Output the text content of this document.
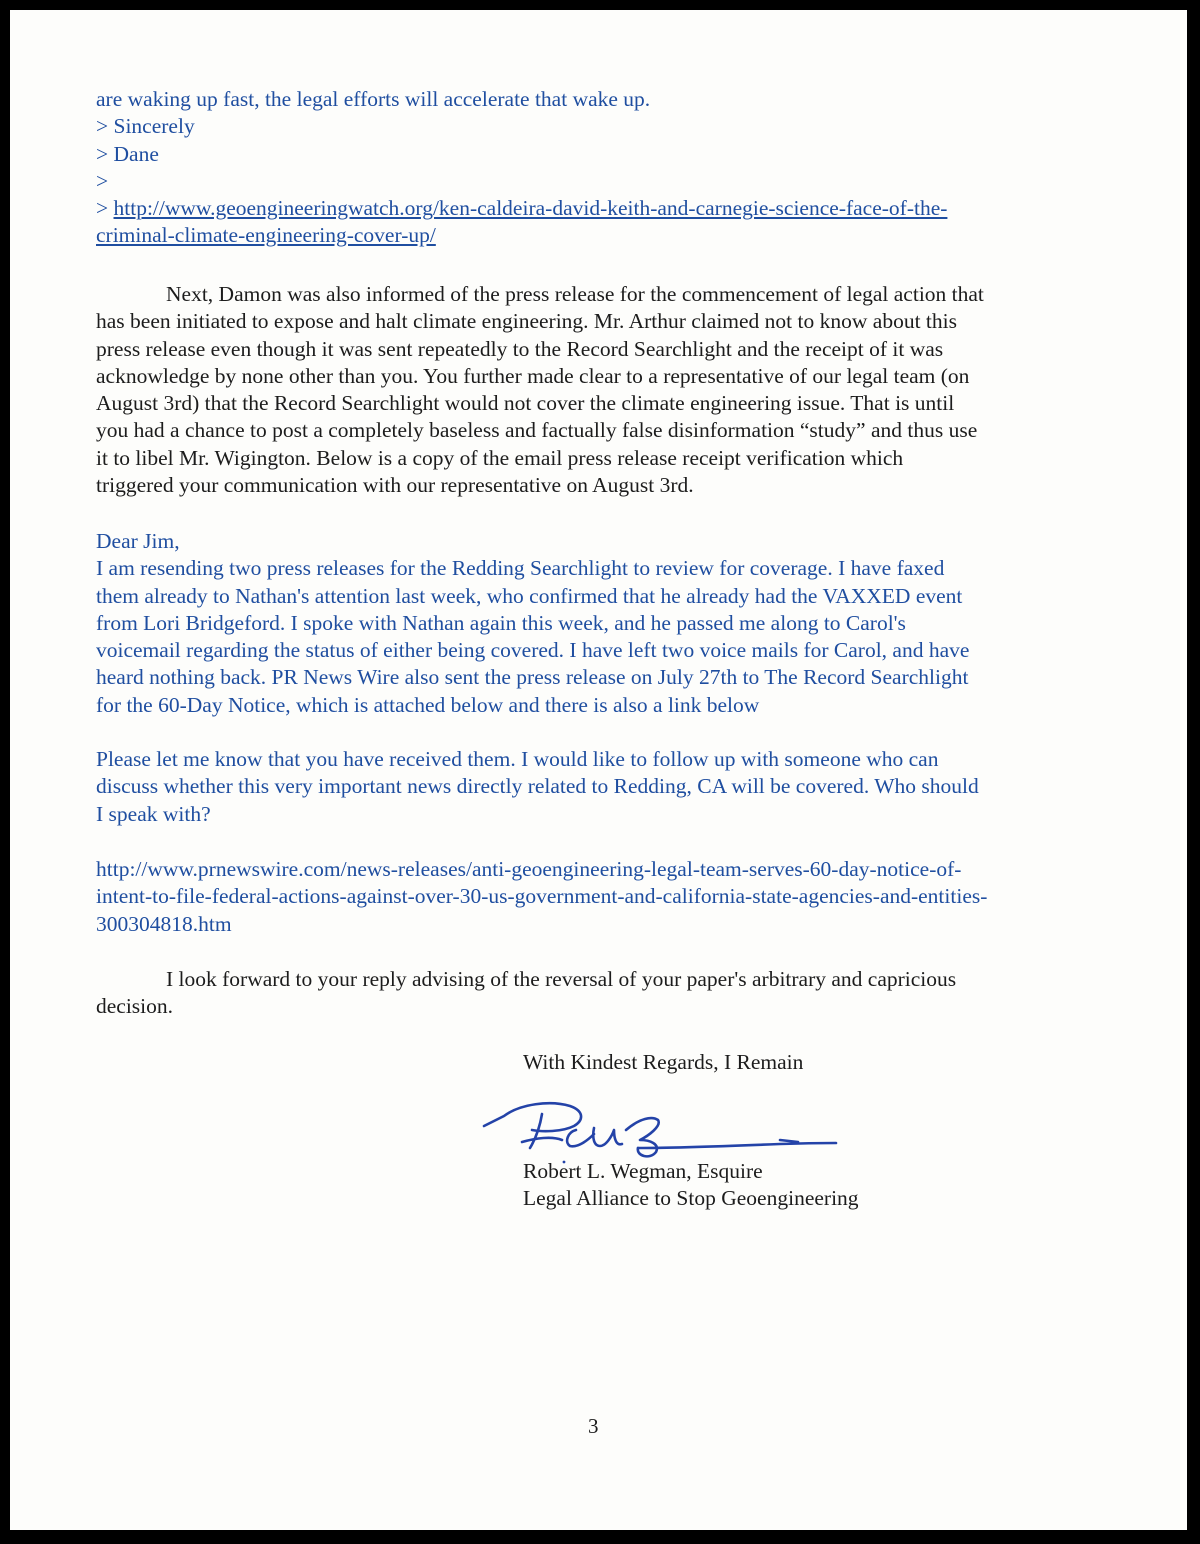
are waking up fast, the legal efforts will accelerate that wake up.
> Sincerely
> Dane
>
> http://www.geoengineeringwatch.org/ken-caldeira-david-keith-and-carnegie-science-face-of-the-
criminal-climate-engineering-cover-up/
Next, Damon was also informed of the press release for the commencement of legal action that
has been initiated to expose and halt climate engineering. Mr. Arthur claimed not to know about this
press release even though it was sent repeatedly to the Record Searchlight and the receipt of it was
acknowledge by none other than you. You further made clear to a representative of our legal team (on
August 3rd) that the Record Searchlight would not cover the climate engineering issue. That is until
you had a chance to post a completely baseless and factually false disinformation “study” and thus use
it to libel Mr. Wigington. Below is a copy of the email press release receipt verification which
triggered your communication with our representative on August 3rd.
Dear Jim,
I am resending two press releases for the Redding Searchlight to review for coverage. I have faxed
them already to Nathan's attention last week, who confirmed that he already had the VAXXED event
from Lori Bridgeford. I spoke with Nathan again this week, and he passed me along to Carol's
voicemail regarding the status of either being covered. I have left two voice mails for Carol, and have
heard nothing back. PR News Wire also sent the press release on July 27th to The Record Searchlight
for the 60-Day Notice, which is attached below and there is also a link below
Please let me know that you have received them. I would like to follow up with someone who can
discuss whether this very important news directly related to Redding, CA will be covered. Who should
I speak with?
http://www.prnewswire.com/news-releases/anti-geoengineering-legal-team-serves-60-day-notice-of-
intent-to-file-federal-actions-against-over-30-us-government-and-california-state-agencies-and-entities-
300304818.htm
I look forward to your reply advising of the reversal of your paper's arbitrary and capricious
decision.
With Kindest Regards, I Remain
Robert L. Wegman, Esquire
Legal Alliance to Stop Geoengineering
3
